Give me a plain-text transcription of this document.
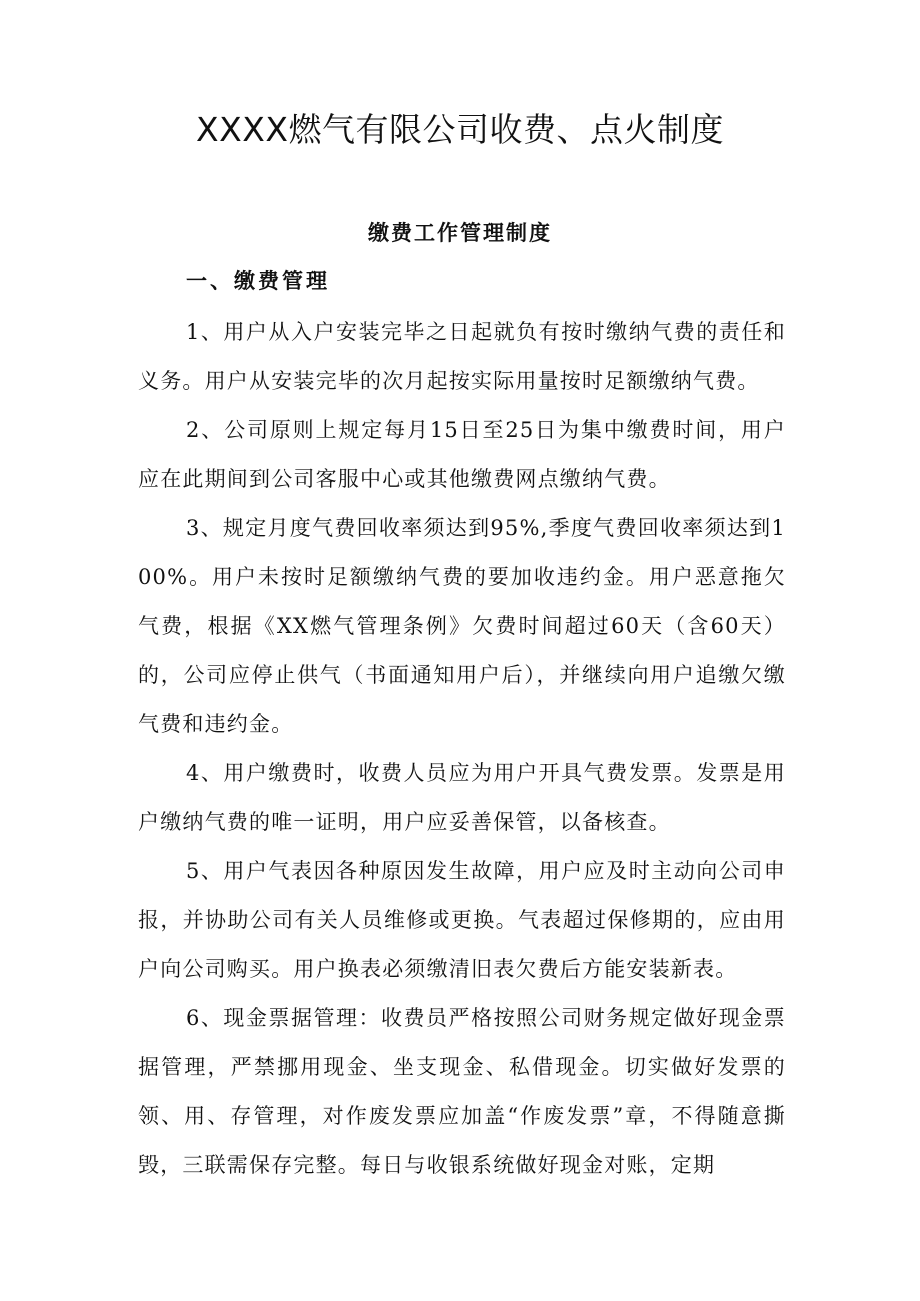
XXXX燃气有限公司收费、点火制度
缴费工作管理制度
一、缴费管理

1、用户从入户安装完毕之日起就负有按时缴纳气费的责任和义务。用户从安装完毕的次月起按实际用量按时足额缴纳气费。

2、公司原则上规定每月15日至25日为集中缴费时间，用户应在此期间到公司客服中心或其他缴费网点缴纳气费。

3、规定月度气费回收率须达到95%,季度气费回收率须达到100%。用户未按时足额缴纳气费的要加收违约金。用户恶意拖欠气费，根据《XX燃气管理条例》欠费时间超过60天（含60天）的，公司应停止供气（书面通知用户后），并继续向用户追缴欠缴气费和违约金。

4、用户缴费时，收费人员应为用户开具气费发票。发票是用户缴纳气费的唯一证明，用户应妥善保管，以备核查。

5、用户气表因各种原因发生故障，用户应及时主动向公司申报，并协助公司有关人员维修或更换。气表超过保修期的，应由用户向公司购买。用户换表必须缴清旧表欠费后方能安装新表。

6、现金票据管理：收费员严格按照公司财务规定做好现金票据管理，严禁挪用现金、坐支现金、私借现金。切实做好发票的领、用、存管理，对作废发票应加盖“作废发票”章，不得随意撕毁，三联需保存完整。每日与收银系统做好现金对账，定期
